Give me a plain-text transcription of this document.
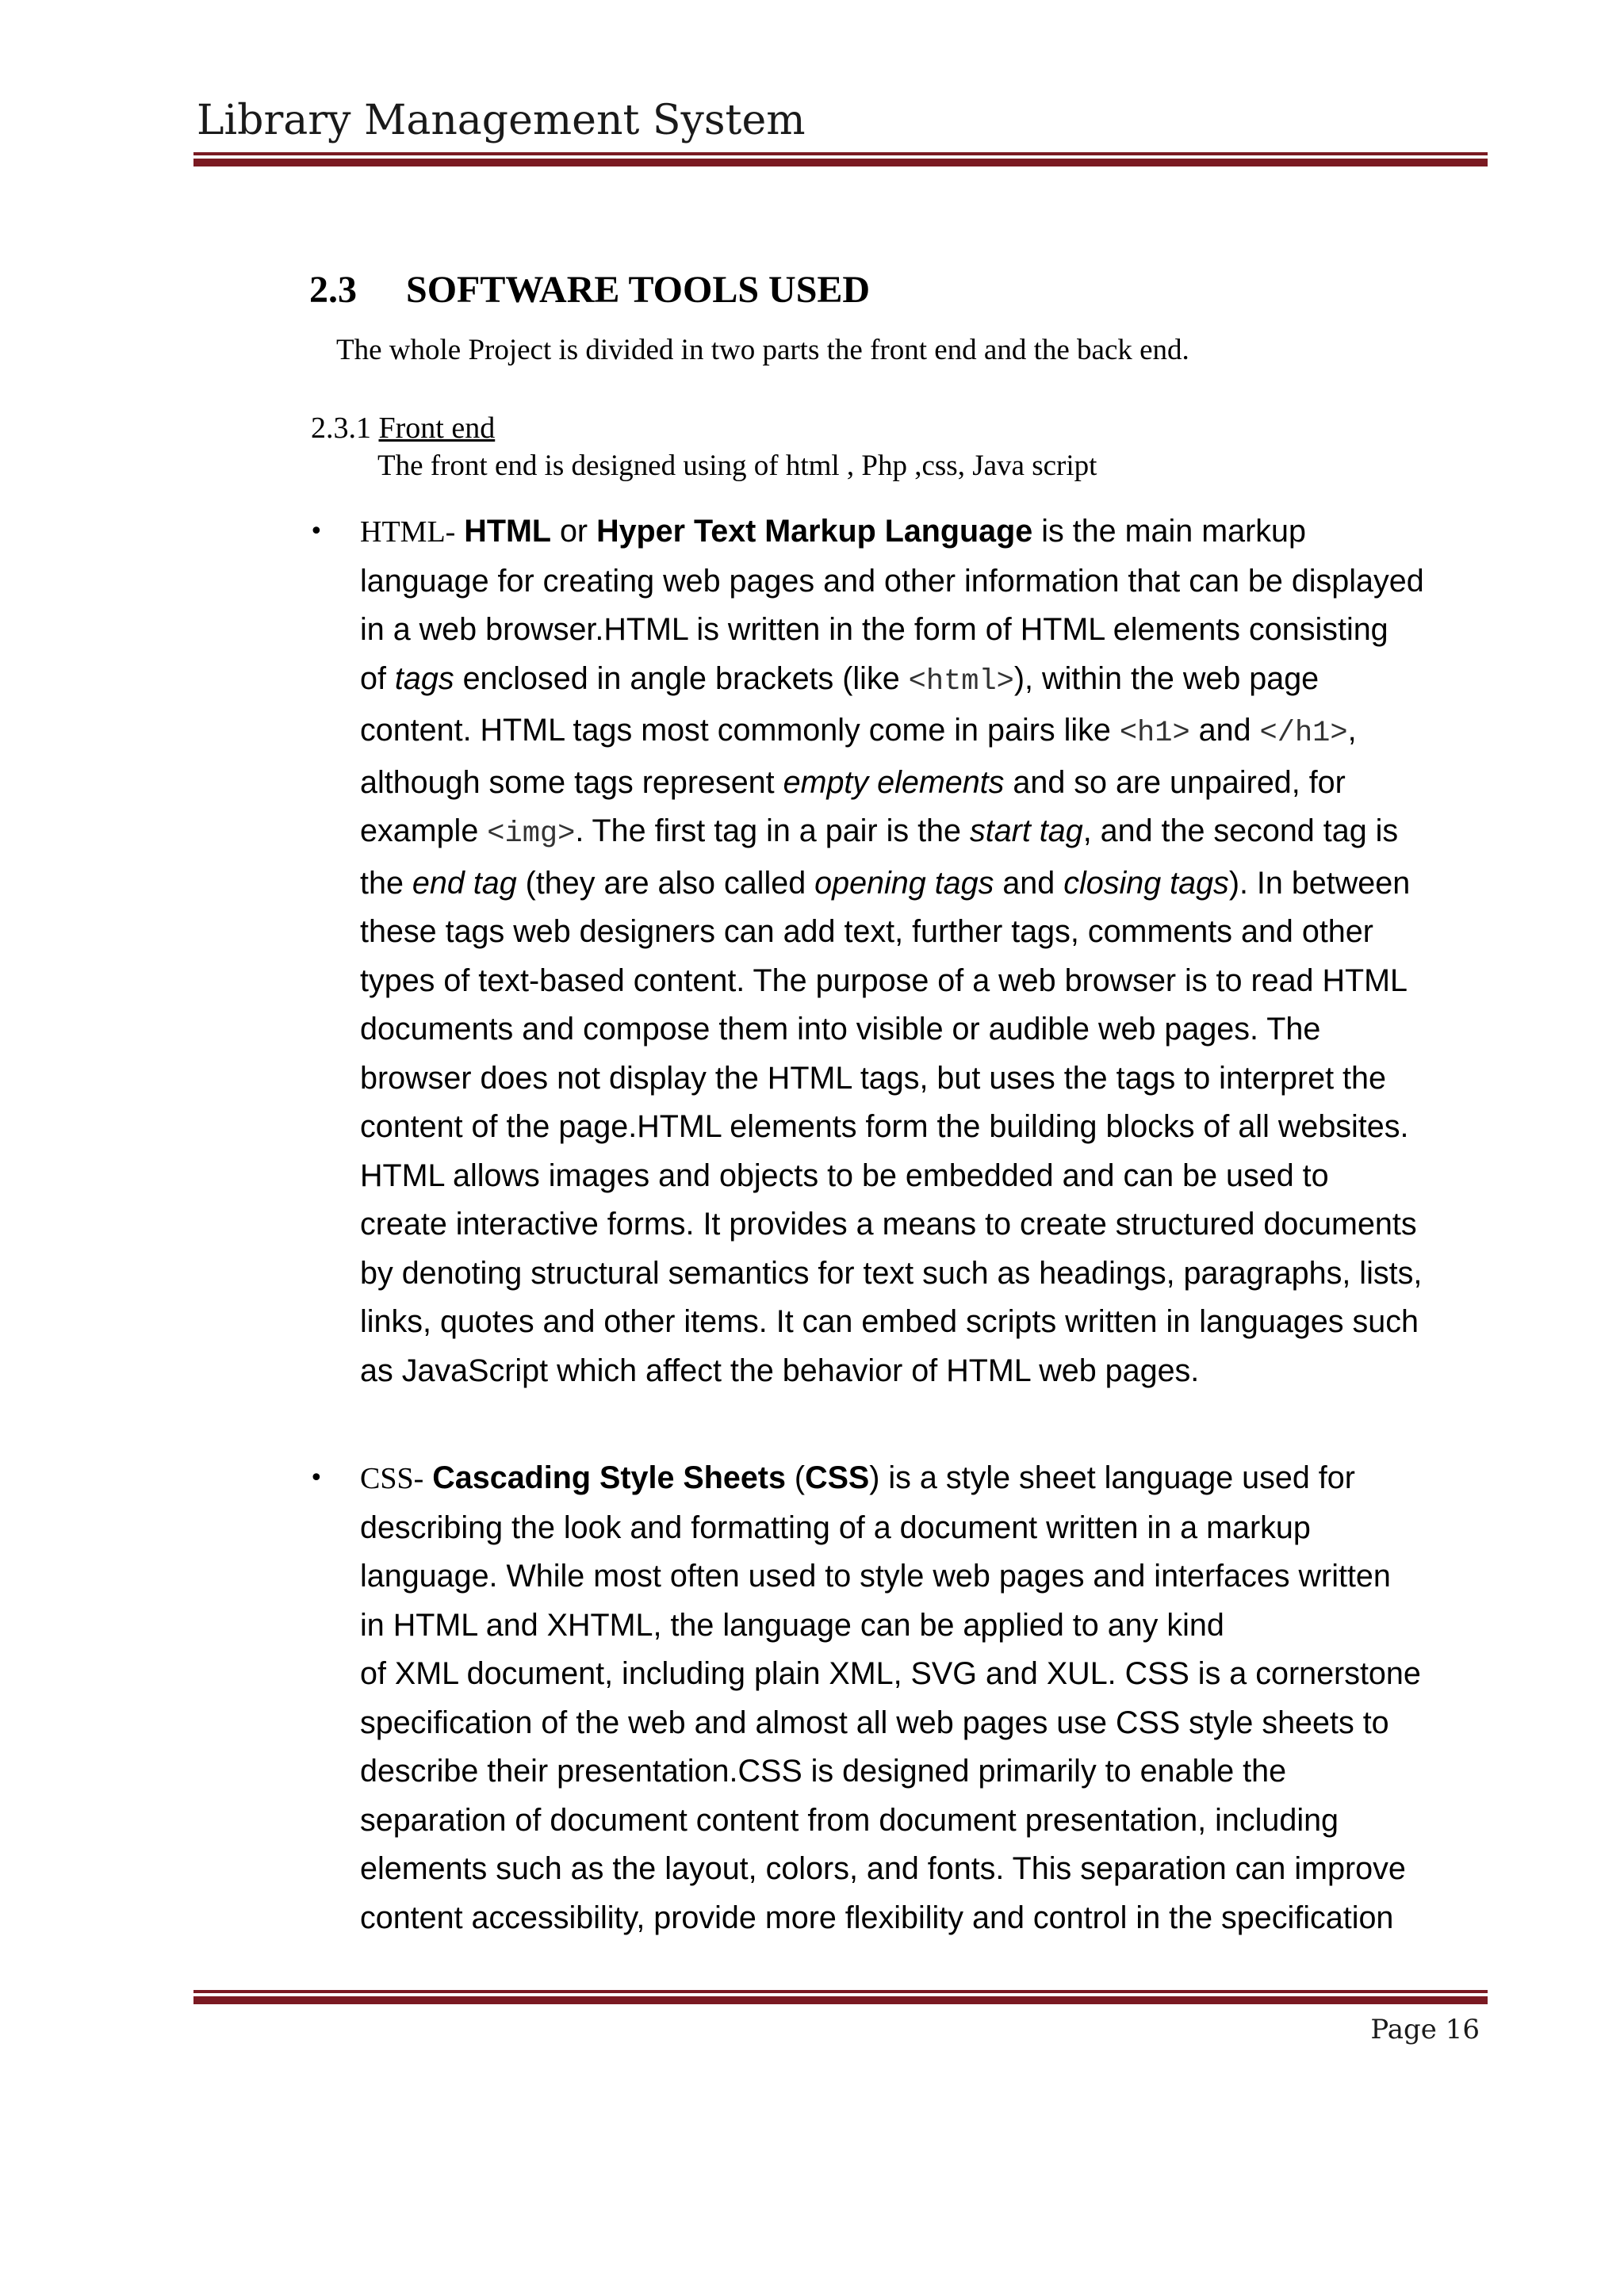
Library Management System
2.3 SOFTWARE TOOLS USED
The whole Project is divided in two parts the front end and the back end.
2.3.1 Front end
The front end is designed using of html , Php ,css, Java script
• HTML- HTML or Hyper Text Markup Language is the main markup
language for creating web pages and other information that can be displayed
in a web browser.HTML is written in the form of HTML elements consisting
of tags enclosed in angle brackets (like <html>), within the web page
content. HTML tags most commonly come in pairs like <h1> and </h1>,
although some tags represent empty elements and so are unpaired, for
example <img>. The first tag in a pair is the start tag, and the second tag is
the end tag (they are also called opening tags and closing tags). In between
these tags web designers can add text, further tags, comments and other
types of text-based content. The purpose of a web browser is to read HTML
documents and compose them into visible or audible web pages. The
browser does not display the HTML tags, but uses the tags to interpret the
content of the page.HTML elements form the building blocks of all websites.
HTML allows images and objects to be embedded and can be used to
create interactive forms. It provides a means to create structured documents
by denoting structural semantics for text such as headings, paragraphs, lists,
links, quotes and other items. It can embed scripts written in languages such
as JavaScript which affect the behavior of HTML web pages.
• CSS- Cascading Style Sheets (CSS) is a style sheet language used for
describing the look and formatting of a document written in a markup
language. While most often used to style web pages and interfaces written
in HTML and XHTML, the language can be applied to any kind
of XML document, including plain XML, SVG and XUL. CSS is a cornerstone
specification of the web and almost all web pages use CSS style sheets to
describe their presentation.CSS is designed primarily to enable the
separation of document content from document presentation, including
elements such as the layout, colors, and fonts. This separation can improve
content accessibility, provide more flexibility and control in the specification
Page 16
